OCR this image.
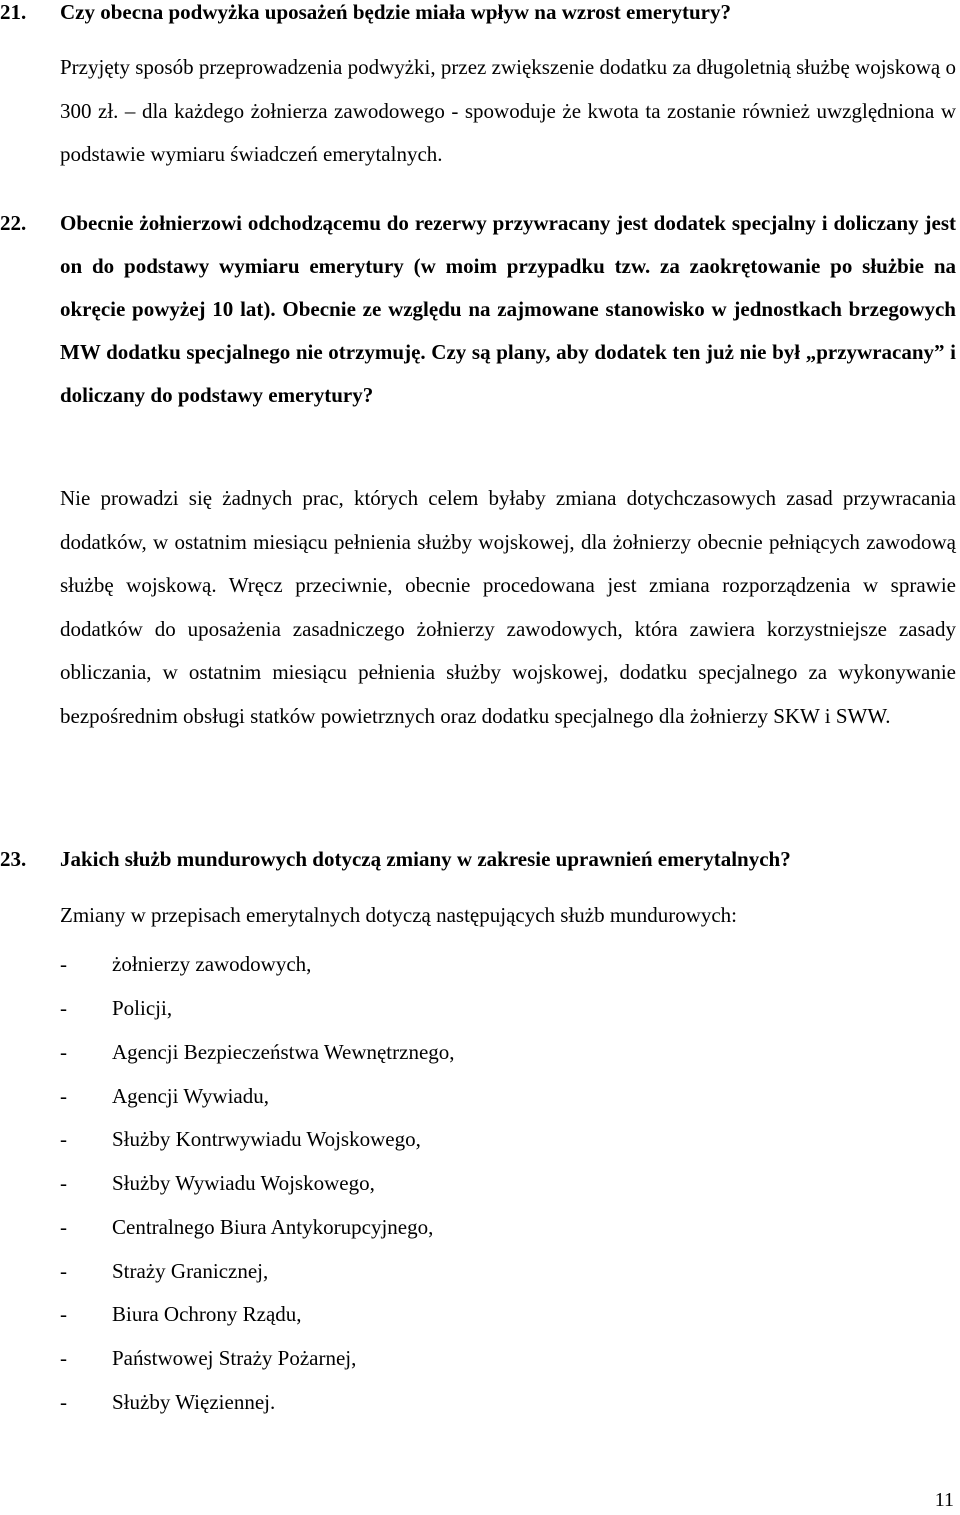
21. Czy obecna podwyżka uposażeń będzie miała wpływ na wzrost emerytury?

Przyjęty sposób przeprowadzenia podwyżki, przez zwiększenie dodatku za długoletnią służbę wojskową o 300 zł. – dla każdego żołnierza zawodowego - spowoduje że kwota ta zostanie również uwzględniona w podstawie wymiaru świadczeń emerytalnych.

22. Obecnie żołnierzowi odchodzącemu do rezerwy przywracany jest dodatek specjalny i doliczany jest on do podstawy wymiaru emerytury (w moim przypadku tzw. za zaokrętowanie po służbie na okręcie powyżej 10 lat). Obecnie ze względu na zajmowane stanowisko w jednostkach brzegowych MW dodatku specjalnego nie otrzymuję. Czy są plany, aby dodatek ten już nie był „przywracany” i doliczany do podstawy emerytury?

Nie prowadzi się żadnych prac, których celem byłaby zmiana dotychczasowych zasad przywracania dodatków, w ostatnim miesiącu pełnienia służby wojskowej, dla żołnierzy obecnie pełniących zawodową służbę wojskową. Wręcz przeciwnie, obecnie procedowana jest zmiana rozporządzenia w sprawie dodatków do uposażenia zasadniczego żołnierzy zawodowych, która zawiera korzystniejsze zasady obliczania, w ostatnim miesiącu pełnienia służby wojskowej, dodatku specjalnego za wykonywanie bezpośrednim obsługi statków powietrznych oraz dodatku specjalnego dla żołnierzy SKW i SWW.

23. Jakich służb mundurowych dotyczą zmiany w zakresie uprawnień emerytalnych?

Zmiany w przepisach emerytalnych dotyczą następujących służb mundurowych:

- żołnierzy zawodowych,
- Policji,
- Agencji Bezpieczeństwa Wewnętrznego,
- Agencji Wywiadu,
- Służby Kontrwywiadu Wojskowego,
- Służby Wywiadu Wojskowego,
- Centralnego Biura Antykorupcyjnego,
- Straży Granicznej,
- Biura Ochrony Rządu,
- Państwowej Straży Pożarnej,
- Służby Więziennej.
11
